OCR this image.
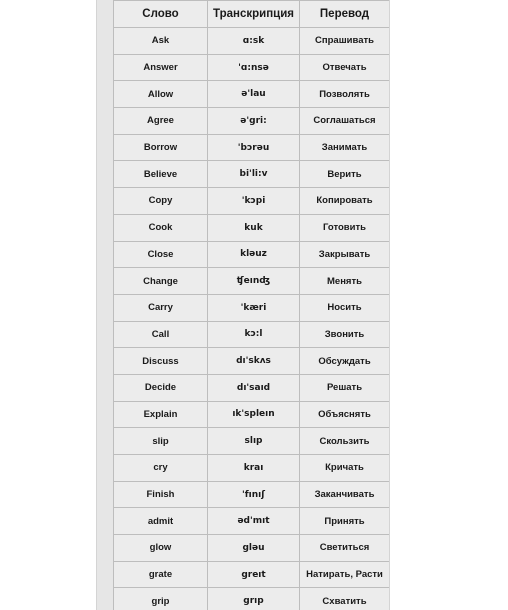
Слово	Транскрипция	Перевод
Ask	ɑ:sk	Спрашивать
Answer	'ɑ:nsə	Отвечать
Allow	ə'lau	Позволять
Agree	ə'gri:	Соглашаться
Borrow	'bɔrəu	Занимать
Believe	bi'li:v	Верить
Copy	'kɔpi	Копировать
Cook	kuk	Готовить
Close	kləuz	Закрывать
Change	ʧeınʤ	Менять
Carry	'kæri	Носить
Call	kɔ:l	Звонить
Discuss	dı'skʌs	Обсуждать
Decide	dı'saıd	Решать
Explain	ık'spleın	Объяснять
slip	slıp	Скользить
cry	kraı	Кричать
Finish	'fınıʃ	Заканчивать
admit	əd'mıt	Принять
glow	gləu	Светиться
grate	greıt	Натирать, Расти
grip	grıp	Схватить
